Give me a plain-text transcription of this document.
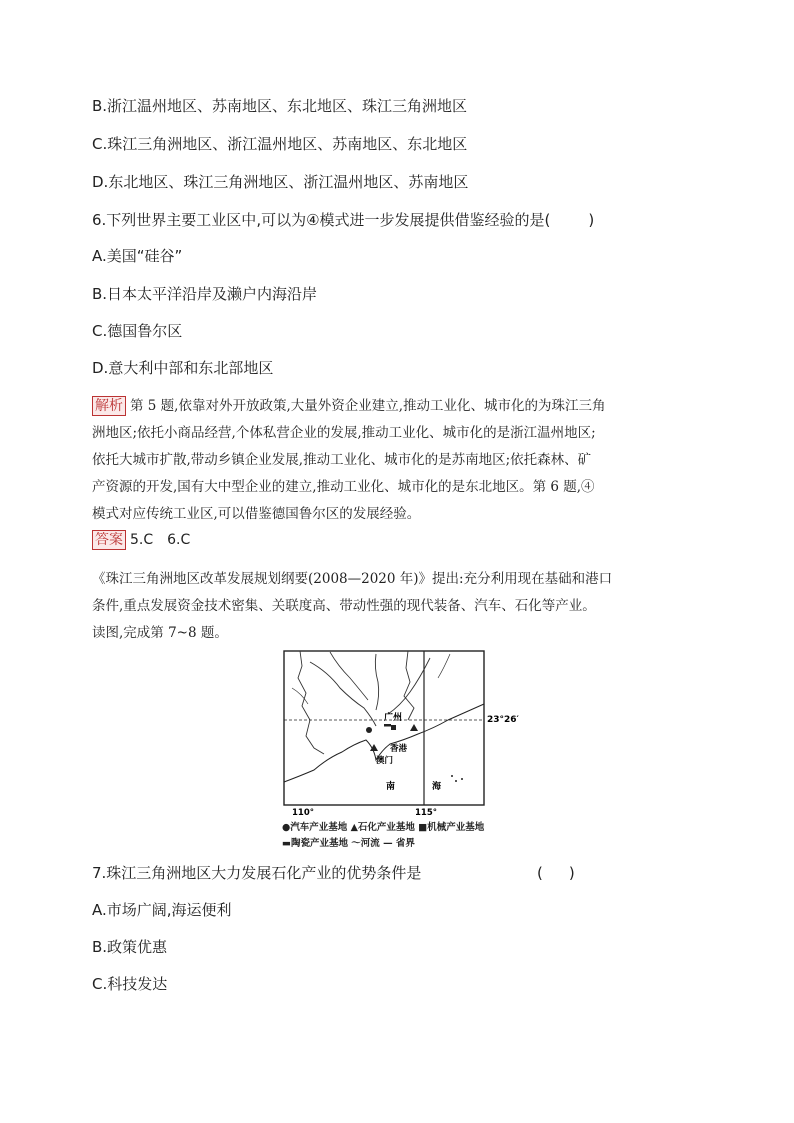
B.浙江温州地区、苏南地区、东北地区、珠江三角洲地区
C.珠江三角洲地区、浙江温州地区、苏南地区、东北地区
D.东北地区、珠江三角洲地区、浙江温州地区、苏南地区
6.下列世界主要工业区中,可以为④模式进一步发展提供借鉴经验的是(	)
A.美国“硅谷”
B.日本太平洋沿岸及濑户内海沿岸
C.德国鲁尔区
D.意大利中部和东北部地区
解析 第 5 题,依靠对外开放政策,大量外资企业建立,推动工业化、城市化的为珠江三角
洲地区;依托小商品经营,个体私营企业的发展,推动工业化、城市化的是浙江温州地区;
依托大城市扩散,带动乡镇企业发展,推动工业化、城市化的是苏南地区;依托森林、矿
产资源的开发,国有大中型企业的建立,推动工业化、城市化的是东北地区。第 6 题,④
模式对应传统工业区,可以借鉴德国鲁尔区的发展经验。
答案 5.C　6.C
《珠江三角洲地区改革发展规划纲要(2008—2020 年)》提出:充分利用现在基础和港口
条件,重点发展资金技术密集、关联度高、带动性强的现代装备、汽车、石化等产业。
读图,完成第 7~8 题。
23°26′
广州
香港
澳门
南	海
110°	115°
●汽车产业基地 ▲石化产业基地 ■机械产业基地
▬陶瓷产业基地 〜河流 — 省界
7.珠江三角洲地区大力发展石化产业的优势条件是	( )
A.市场广阔,海运便利
B.政策优惠
C.科技发达
